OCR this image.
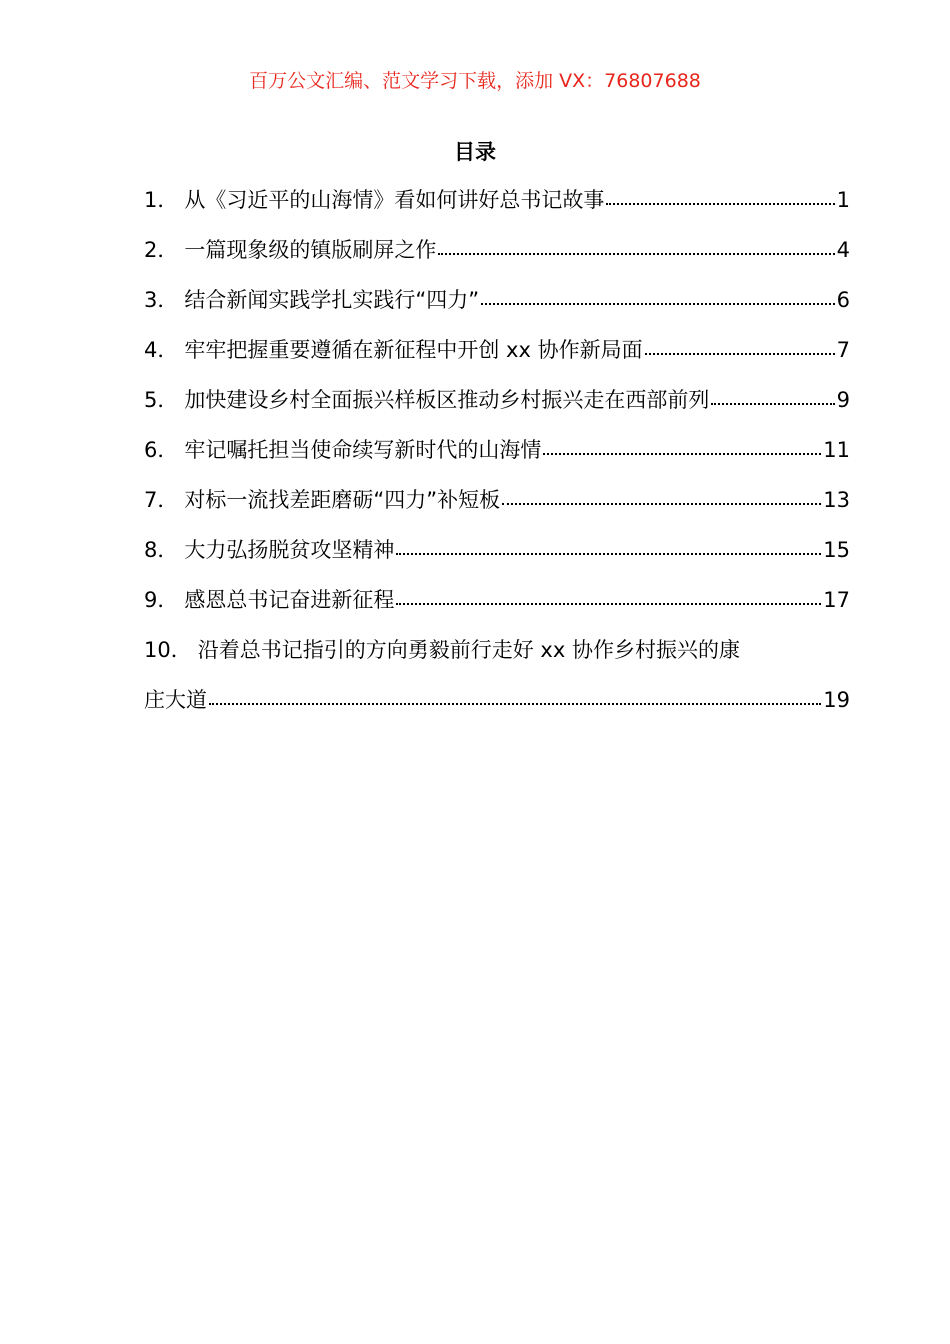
百万公文汇编、范文学习下载，添加 VX：76807688
目录
1． 从《习近平的山海情》看如何讲好总书记故事	1
2． 一篇现象级的镇版刷屏之作	4
3． 结合新闻实践学扎实践行“四力”	6
4． 牢牢把握重要遵循在新征程中开创 xx 协作新局面	7
5． 加快建设乡村全面振兴样板区推动乡村振兴走在西部前列	9
6． 牢记嘱托担当使命续写新时代的山海情	11
7． 对标一流找差距磨砺“四力”补短板	13
8． 大力弘扬脱贫攻坚精神	15
9． 感恩总书记奋进新征程	17
10． 沿着总书记指引的方向勇毅前行走好 xx 协作乡村振兴的康
庄大道	19
